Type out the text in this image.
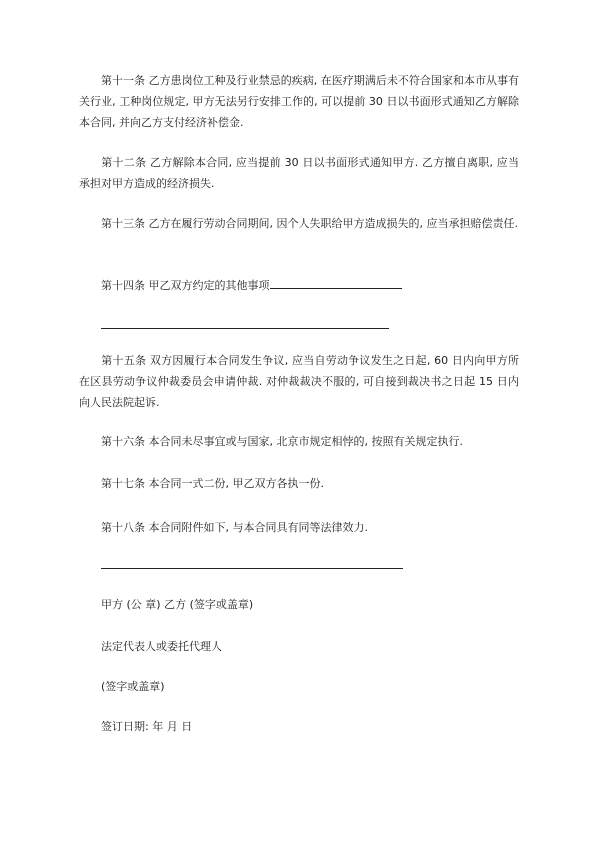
第十一条 乙方患岗位工种及行业禁忌的疾病, 在医疗期满后未不符合国家和本市从事有关行业, 工种岗位规定, 甲方无法另行安排工作的, 可以提前 30 日以书面形式通知乙方解除本合同, 并向乙方支付经济补偿金.

第十二条 乙方解除本合同, 应当提前 30 日以书面形式通知甲方. 乙方擅自离职, 应当承担对甲方造成的经济损失.

第十三条 乙方在履行劳动合同期间, 因个人失职给甲方造成损失的, 应当承担赔偿责任.

第十四条 甲乙双方约定的其他事项

第十五条 双方因履行本合同发生争议, 应当自劳动争议发生之日起, 60 日内向甲方所在区县劳动争议仲裁委员会申请仲裁. 对仲裁裁决不服的, 可自接到裁决书之日起 15 日内向人民法院起诉.

第十六条 本合同未尽事宜或与国家, 北京市规定相悖的, 按照有关规定执行.
第十七条 本合同一式二份, 甲乙双方各执一份.
第十八条 本合同附件如下, 与本合同具有同等法律效力.
甲方 (公 章) 乙方 (签字或盖章)
法定代表人或委托代理人
(签字或盖章)
签订日期: 年 月 日
